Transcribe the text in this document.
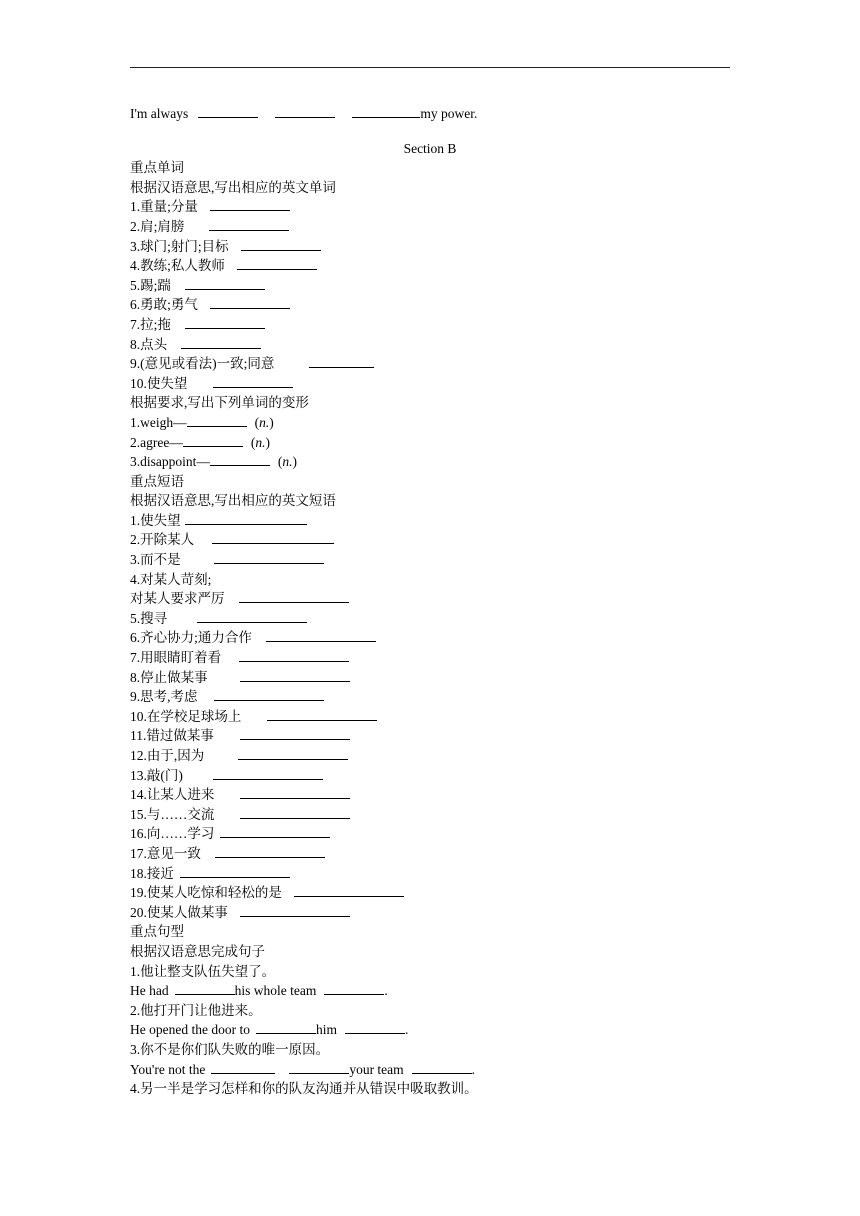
I'm always	my power.
Section B
重点单词
根据汉语意思,写出相应的英文单词
1.重量;分量
2.肩;肩膀
3.球门;射门;目标
4.教练;私人教师
5.踢;踹
6.勇敢;勇气
7.拉;拖
8.点头
9.(意见或看法)一致;同意
10.使失望
根据要求,写出下列单词的变形
1.weigh—	(n.)
2.agree—	(n.)
3.disappoint—	(n.)
重点短语
根据汉语意思,写出相应的英文短语
1.使失望
2.开除某人
3.而不是
4.对某人苛刻;
对某人要求严厉
5.搜寻
6.齐心协力;通力合作
7.用眼睛盯着看
8.停止做某事
9.思考,考虑
10.在学校足球场上
11.错过做某事
12.由于,因为
13.敲(门)
14.让某人进来
15.与……交流
16.向……学习
17.意见一致
18.接近
19.使某人吃惊和轻松的是
20.使某人做某事
重点句型
根据汉语意思完成句子
1.他让整支队伍失望了。
He had	his whole team	.
2.他打开门让他进来。
He opened the door to	him	.
3.你不是你们队失败的唯一原因。
You're not the	your team	.
4.另一半是学习怎样和你的队友沟通并从错误中吸取教训。
